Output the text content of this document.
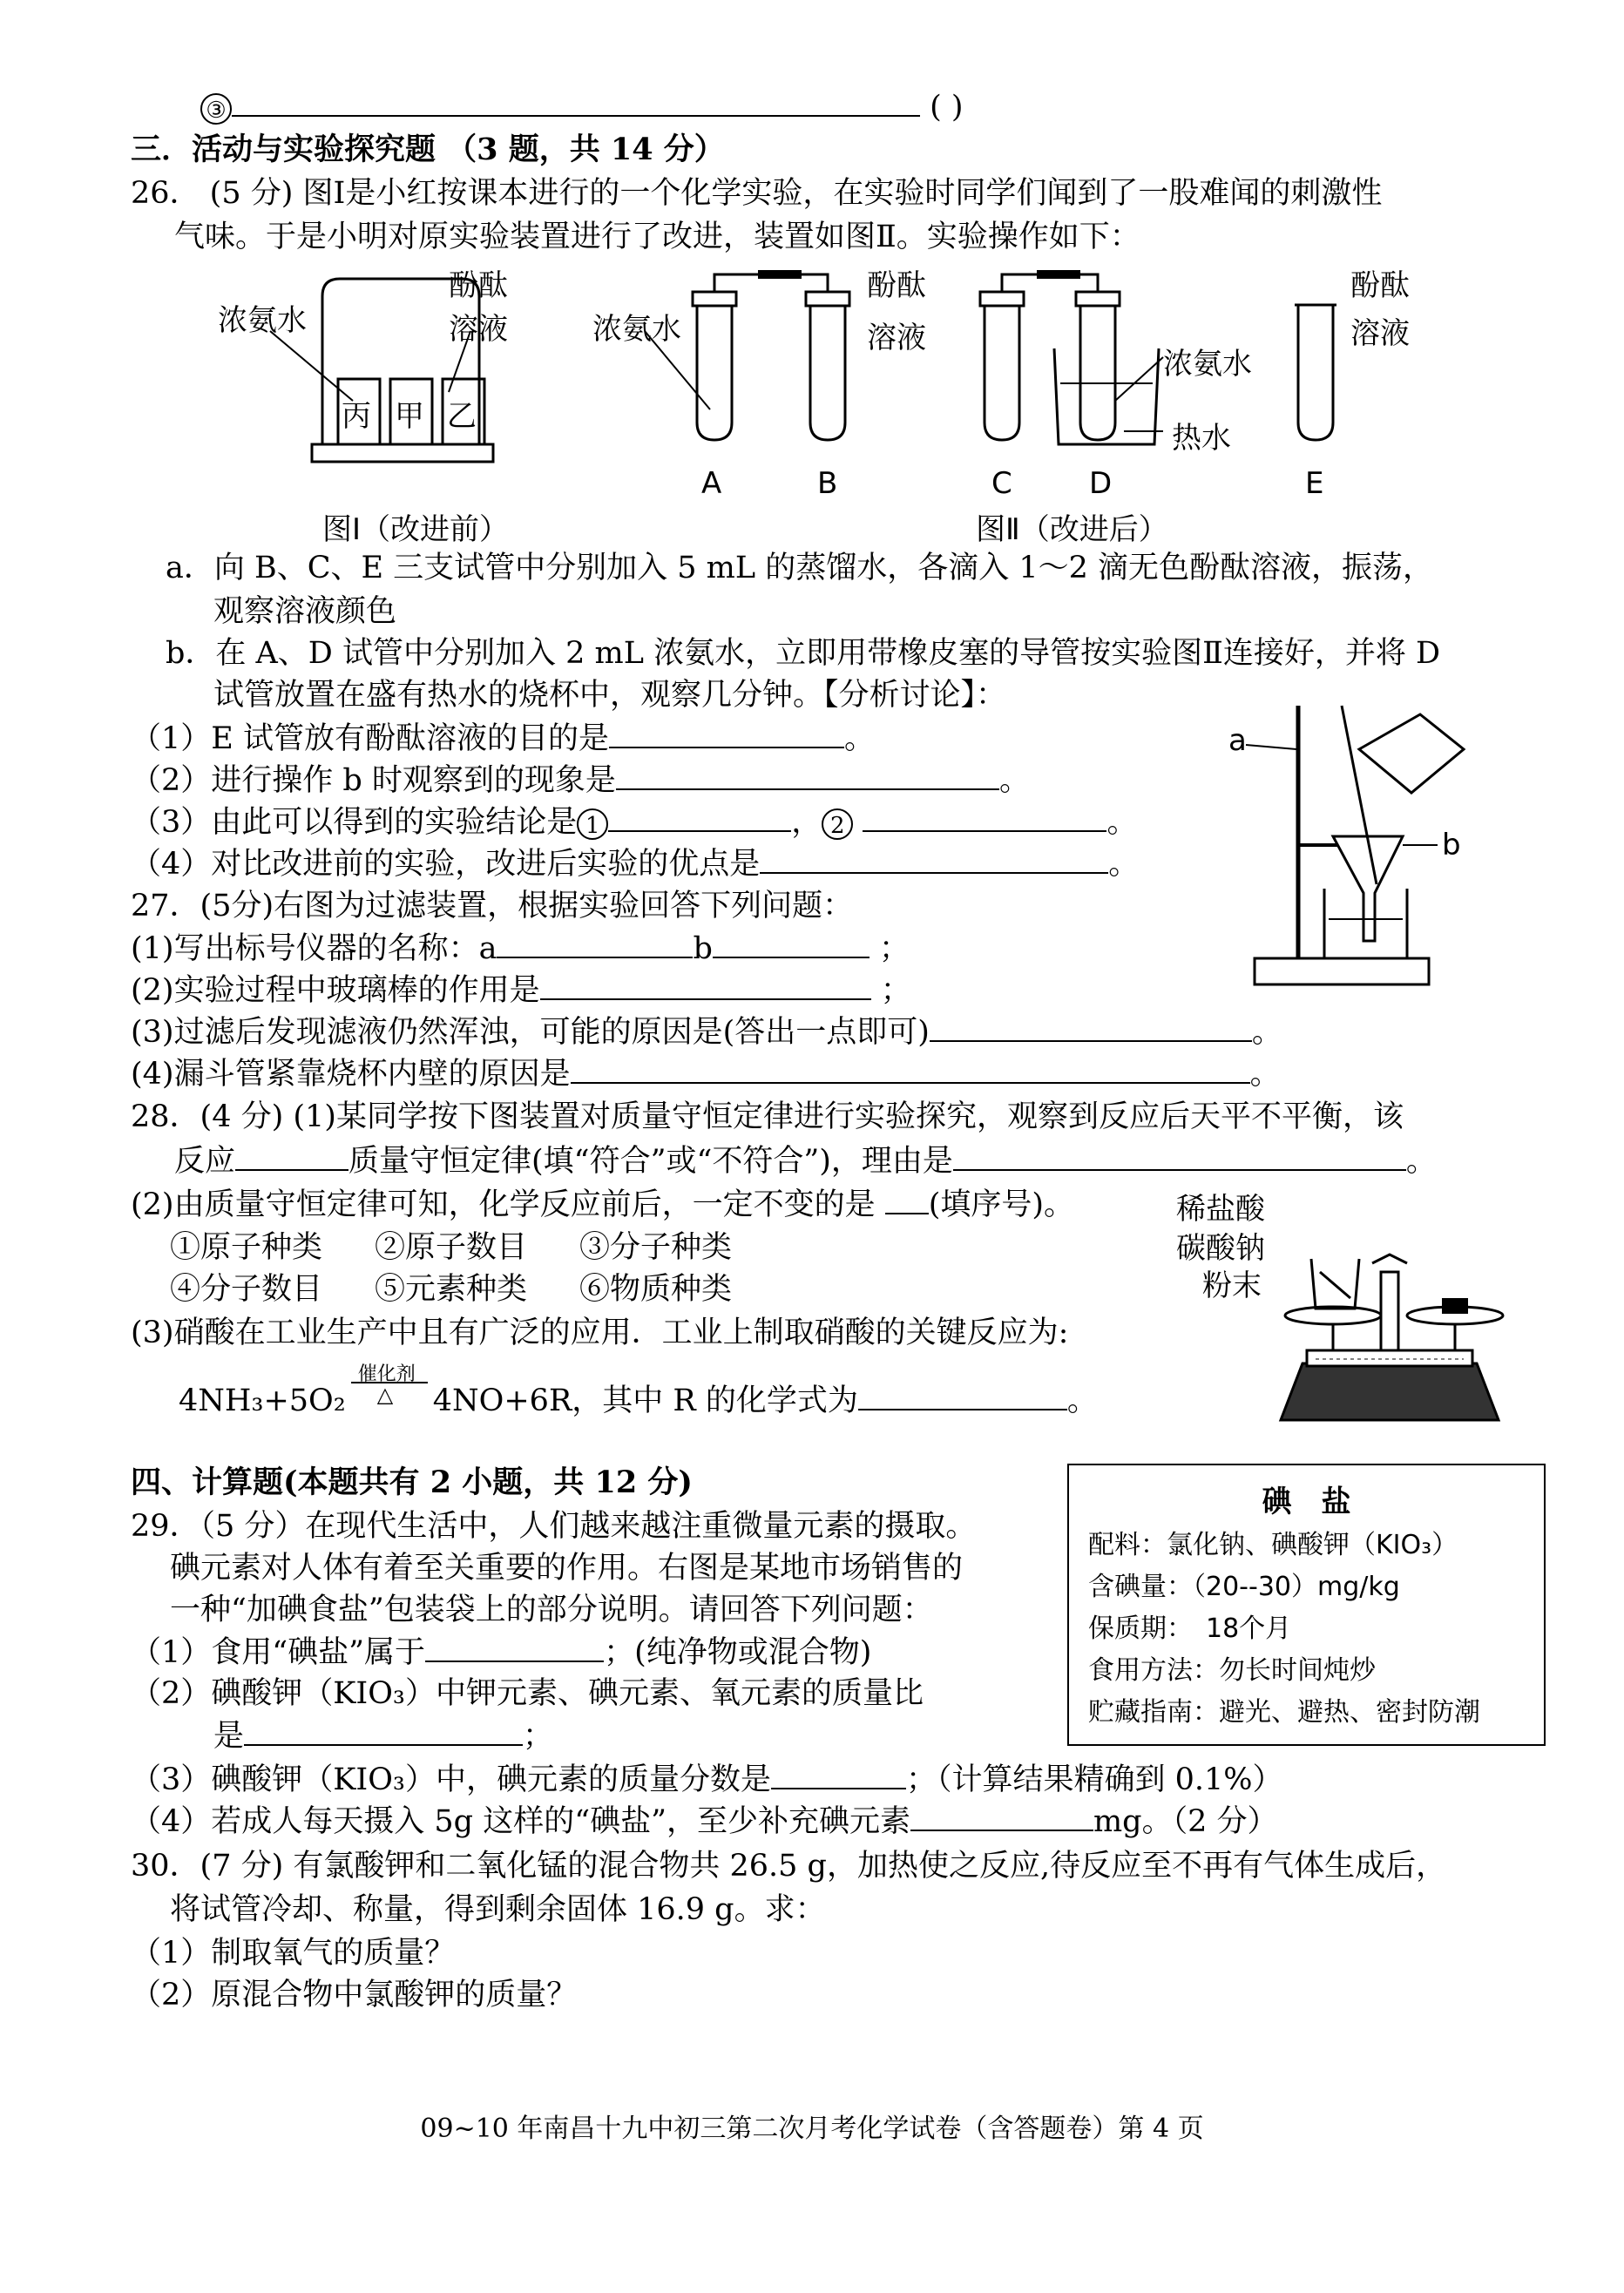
③	( )
三．活动与实验探究题 （3 题，共 14 分）
26． (5 分) 图Ⅰ是小红按课本进行的一个化学实验，在实验时同学们闻到了一股难闻的刺激性
气味。于是小明对原实验装置进行了改进，装置如图Ⅱ。实验操作如下：
浓氨水
酚酞
溶液
丙 甲 乙
图Ⅰ（改进前）
浓氨水
酚酞
溶液
浓氨水
热水
酚酞
溶液
A	B	C	D	E
图Ⅱ（改进后）
a．向 B、C、E 三支试管中分别加入 5 mL 的蒸馏水，各滴入 1～2 滴无色酚酞溶液，振荡，
观察溶液颜色
b．在 A、D 试管中分别加入 2 mL 浓氨水，立即用带橡皮塞的导管按实验图Ⅱ连接好，并将 D
试管放置在盛有热水的烧杯中，观察几分钟。【分析讨论】：
（1）E 试管放有酚酞溶液的目的是	。
（2）进行操作 b 时观察到的现象是	。
（3）由此可以得到的实验结论是 1	， 2	。
（4）对比改进前的实验，改进后实验的优点是	。
a
b
27．(5分)右图为过滤装置，根据实验回答下列问题：
(1)写出标号仪器的名称：a	b	；
(2)实验过程中玻璃棒的作用是	；
(3)过滤后发现滤液仍然浑浊，可能的原因是(答出一点即可)	。
(4)漏斗管紧靠烧杯内壁的原因是	。
28．(4 分) (1)某同学按下图装置对质量守恒定律进行实验探究，观察到反应后天平不平衡，该
反应	质量守恒定律(填“符合”或“不符合”)，理由是	。
(2)由质量守恒定律可知，化学反应前后，一定不变的是 (填序号)。
①原子种类 ②原子数目 ③分子种类
④分子数目 ⑤元素种类 ⑥物质种类
(3)硝酸在工业生产中且有广泛的应用．工业上制取硝酸的关键反应为:
4NH₃+5O₂
催化剂
△ 4NO+6R，其中 R 的化学式为	。
稀盐酸
碳酸钠
粉末
四、计算题(本题共有 2 小题，共 12 分)
碘　盐
配料：氯化钠、碘酸钾（KIO₃）
含碘量：（20--30）mg/kg
保质期：　18个月
食用方法：勿长时间炖炒
贮藏指南：避光、避热、密封防潮
29．（5 分）在现代生活中，人们越来越注重微量元素的摄取。
碘元素对人体有着至关重要的作用。右图是某地市场销售的
一种“加碘食盐”包装袋上的部分说明。请回答下列问题：
（1）食用“碘盐”属于	；(纯净物或混合物)
（2）碘酸钾（KIO₃）中钾元素、碘元素、氧元素的质量比
是	；
（3）碘酸钾（KIO₃）中，碘元素的质量分数是	；（计算结果精确到 0.1%）
（4）若成人每天摄入 5g 这样的“碘盐”，至少补充碘元素	mg。（2 分）
30．(7 分) 有氯酸钾和二氧化锰的混合物共 26.5 g，加热使之反应,待反应至不再有气体生成后，
将试管冷却、称量，得到剩余固体 16.9 g。求：
（1）制取氧气的质量？
（2）原混合物中氯酸钾的质量？
09~10 年南昌十九中初三第二次月考化学试卷（含答题卷）第 4 页
